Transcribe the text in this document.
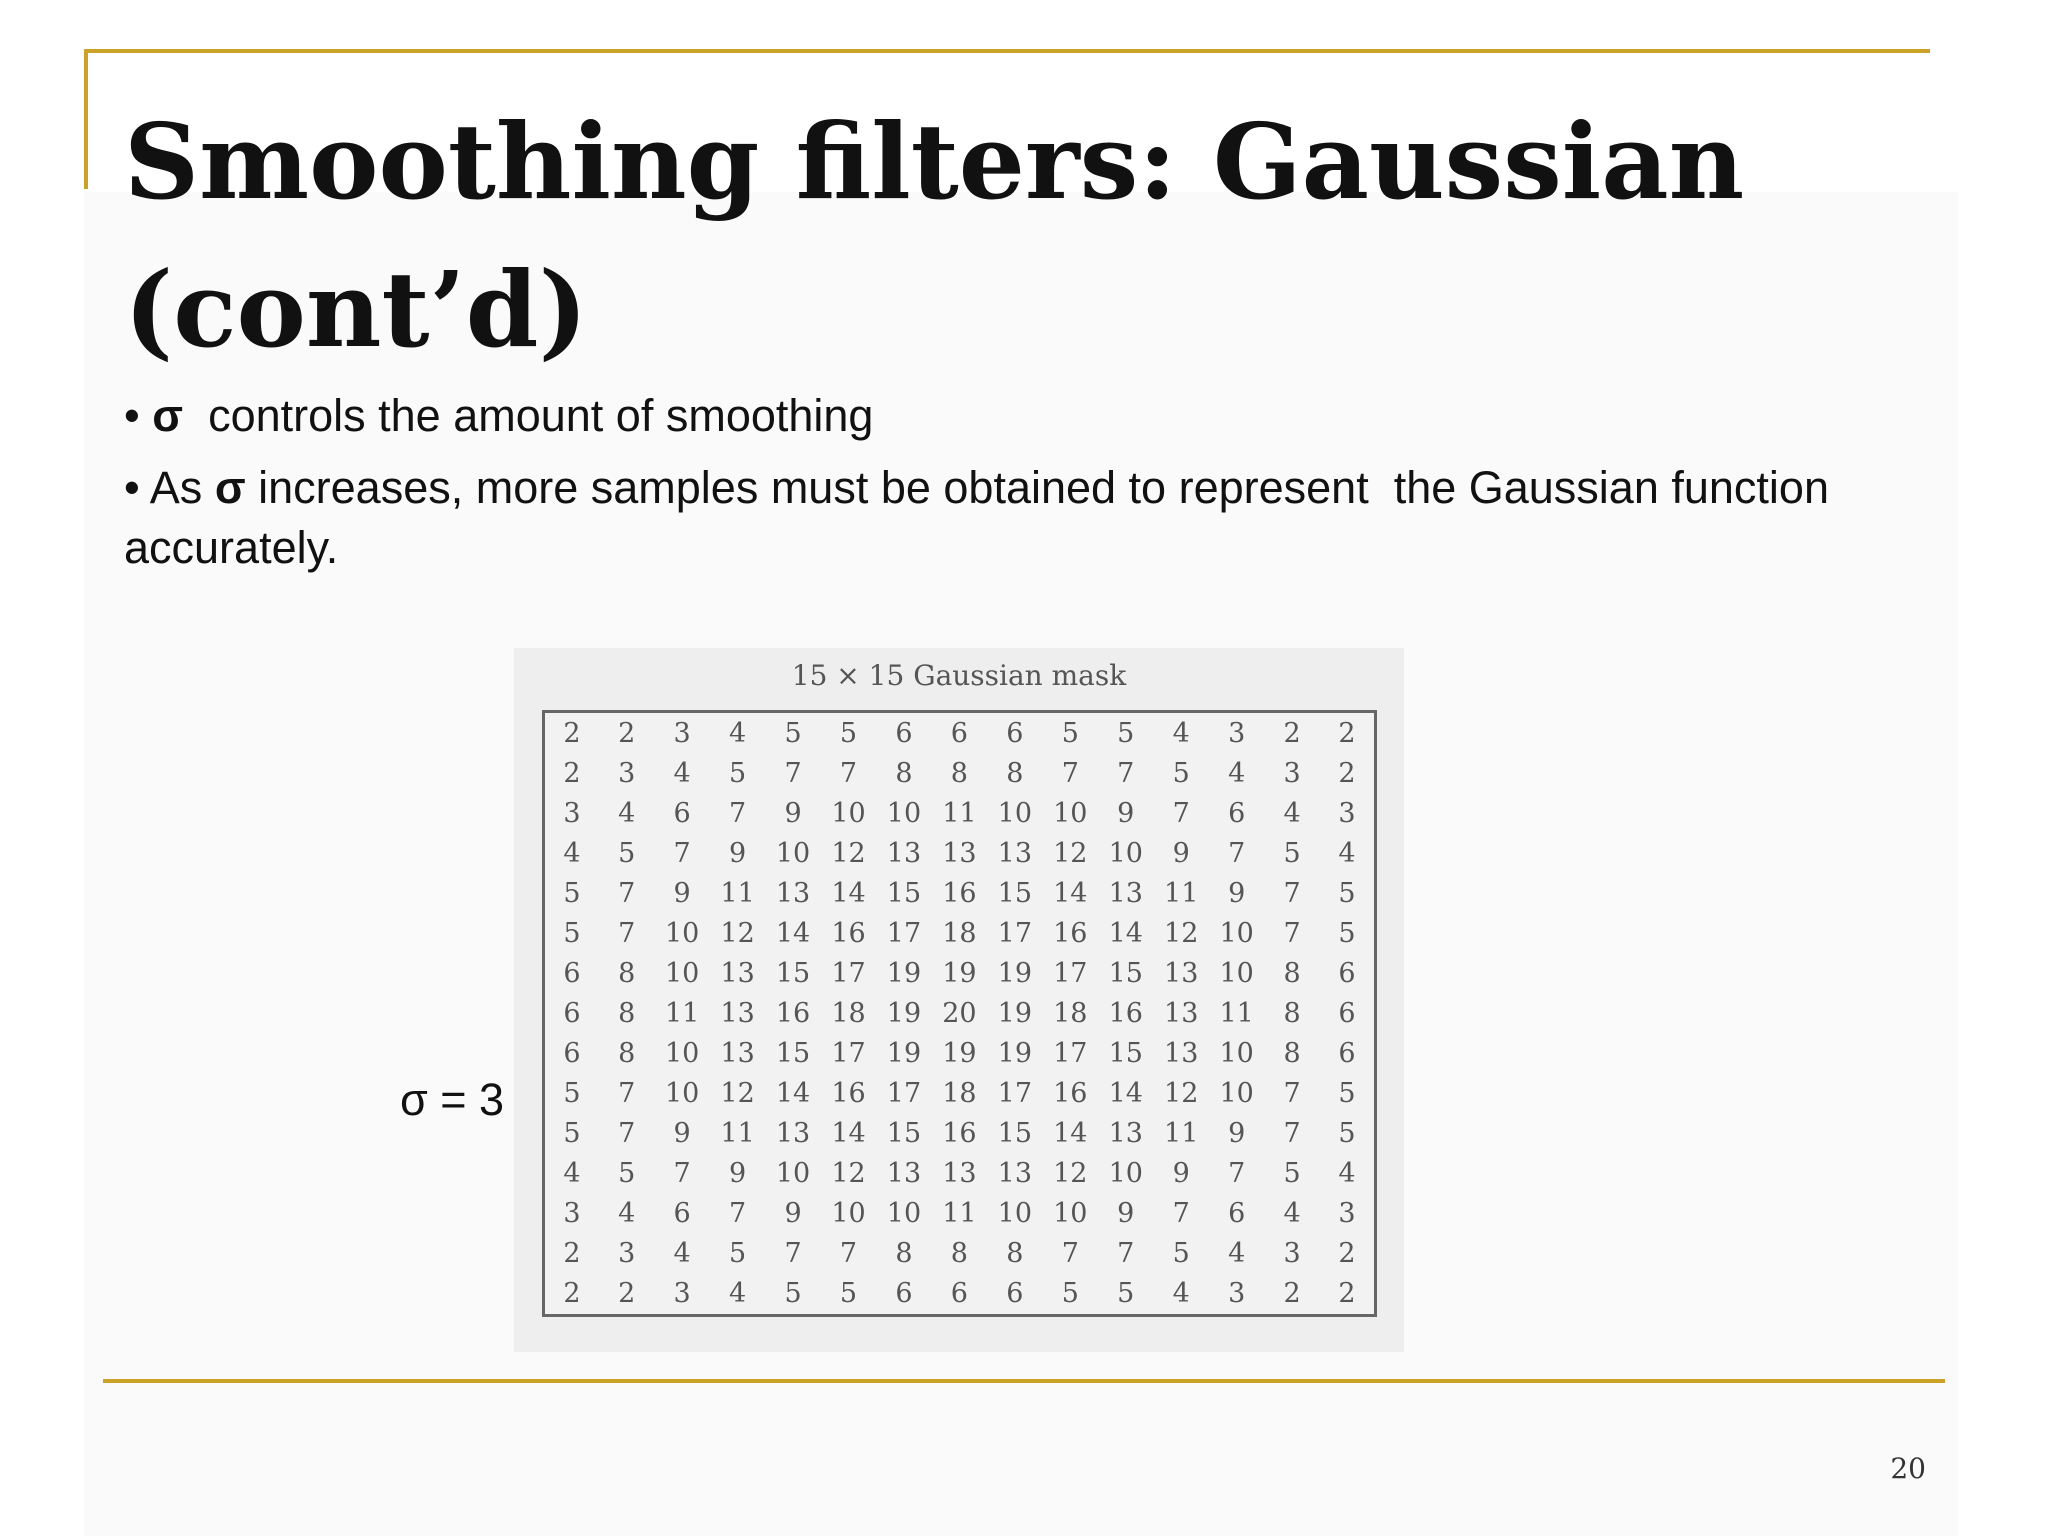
Smoothing filters: Gaussian
(cont’d)

• σ  controls the amount of smoothing

• As σ increases, more samples must be obtained to represent  the Gaussian function accurately.

σ = 3
15 × 15 Gaussian mask
2	2	3	4	5	5	6	6	6	5	5	4	3	2	2
2	3	4	5	7	7	8	8	8	7	7	5	4	3	2
3	4	6	7	9	10	10	11	10	10	9	7	6	4	3
4	5	7	9	10	12	13	13	13	12	10	9	7	5	4
5	7	9	11	13	14	15	16	15	14	13	11	9	7	5
5	7	10	12	14	16	17	18	17	16	14	12	10	7	5
6	8	10	13	15	17	19	19	19	17	15	13	10	8	6
6	8	11	13	16	18	19	20	19	18	16	13	11	8	6
6	8	10	13	15	17	19	19	19	17	15	13	10	8	6
5	7	10	12	14	16	17	18	17	16	14	12	10	7	5
5	7	9	11	13	14	15	16	15	14	13	11	9	7	5
4	5	7	9	10	12	13	13	13	12	10	9	7	5	4
3	4	6	7	9	10	10	11	10	10	9	7	6	4	3
2	3	4	5	7	7	8	8	8	7	7	5	4	3	2
2	2	3	4	5	5	6	6	6	5	5	4	3	2	2
20
